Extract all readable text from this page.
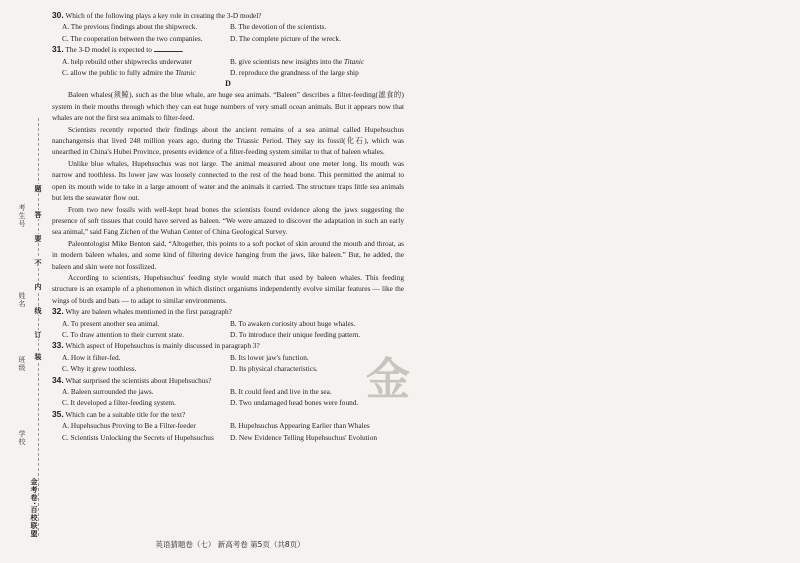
考生号
姓名
班级
学校
题
答
要
不
内
线
订
装
金考卷·百校联盟

30. Which of the following plays a key role in creating the 3-D model?

A. The previous findings about the shipwreck.	B. The devotion of the scientists.
C. The cooperation between the two companies.	D. The complete picture of the wreck.

31. The 3-D model is expected to	.

A. help rebuild other shipwrecks underwater	B. give scientists new insights into the Titanic
C. allow the public to fully admire the Titanic	D. reproduce the grandness of the large ship

D

Baleen whales(须鲸), such as the blue whale, are huge sea animals. “Baleen” describes a filter-feeding(滤食的) system in their mouths through which they can eat huge numbers of very small ocean animals. But it appears now that whales are not the first sea animals to filter-feed.

Scientists recently reported their findings about the ancient remains of a sea animal called Hupehsuchus nanchangensis that lived 248 million years ago, during the Triassic Period. They say its fossil(化石), which was unearthed in China's Hubei Province, presents evidence of a filter-feeding system similar to that of baleen whales.

Unlike blue whales, Hupehsuchus was not large. The animal measured about one meter long. Its mouth was narrow and toothless. Its lower jaw was loosely connected to the rest of the head bone. This permitted the animal to open its mouth wide to take in a large amount of water and the animals it carried. The structure traps little sea animals but lets the seawater flow out.

From two new fossils with well-kept head bones the scientists found evidence along the jaws suggesting the presence of soft tissues that could have served as baleen. “We were amazed to discover the adaptation in such an early sea animal,” said Fang Zichen of the Wuhan Center of China Geological Survey.

Paleontologist Mike Benton said, “Altogether, this points to a soft pocket of skin around the mouth and throat, as in modern baleen whales, and some kind of filtering device hanging from the jaws, like baleen.” But, he added, the baleen and skin were not fossilized.

According to scientists, Hupehsuchus' feeding style would match that used by baleen whales. This feeding structure is an example of a phenomenon in which distinct organisms independently evolve similar features — like the wings of birds and bats — to adapt to similar environments.

32. Why are baleen whales mentioned in the first paragraph?

A. To present another sea animal.	B. To awaken curiosity about huge whales.
C. To draw attention to their current state.	D. To introduce their unique feeding pattern.

33. Which aspect of Hupehsuchus is mainly discussed in paragraph 3?

A. How it filter-fed.	B. Its lower jaw's function.
C. Why it grew toothless.	D. Its physical characteristics.

34. What surprised the scientists about Hupehsuchus?

A. Baleen surrounded the jaws.	B. It could feed and live in the sea.
C. It developed a filter-feeding system.	D. Two undamaged head bones were found.

35. Which can be a suitable title for the text?

A. Hupehsuchus Proving to Be a Filter-feeder	B. Hupehsuchus Appearing Earlier than Whales
C. Scientists Unlocking the Secrets of Hupehsuchus	D. New Evidence Telling Hupehsuchus' Evolution
金
英语猜题卷（七） 新高考卷 第5页（共8页）
